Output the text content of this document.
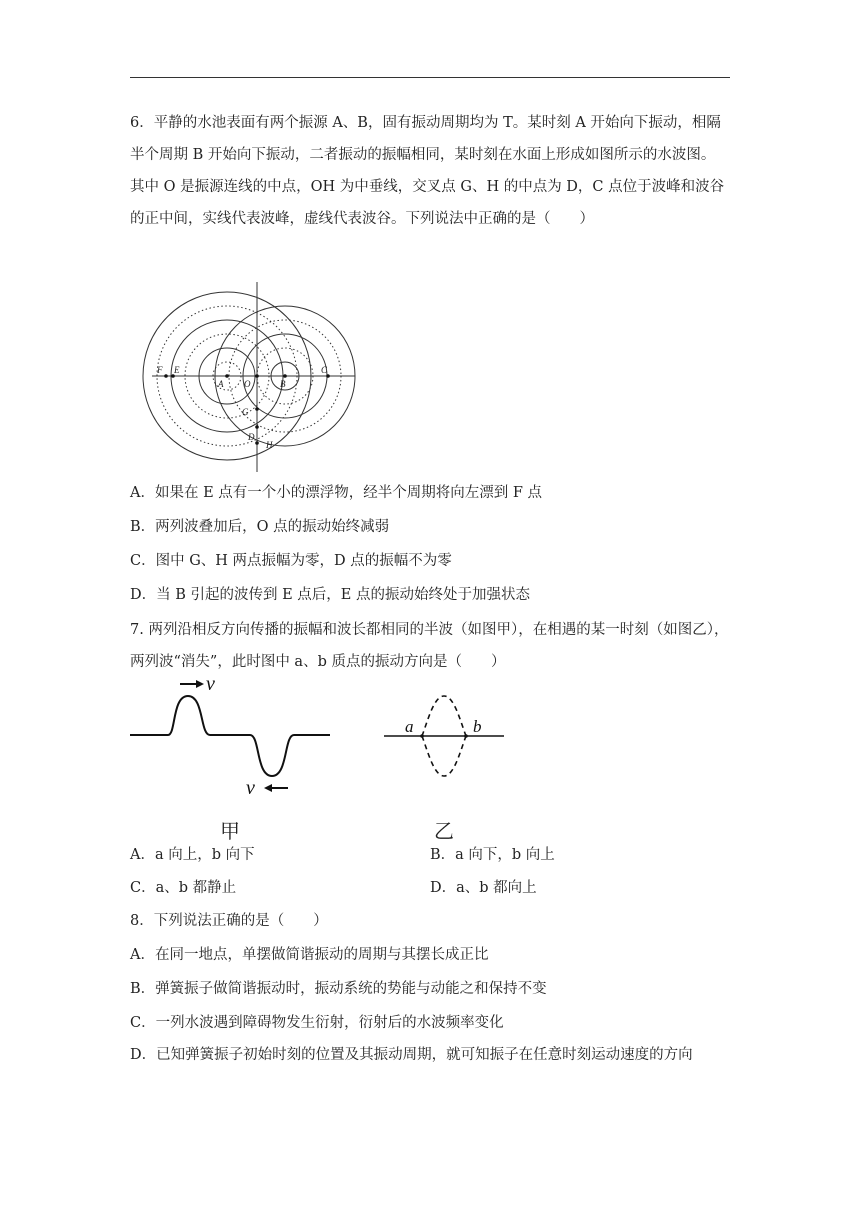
6．平静的水池表面有两个振源 A、B，固有振动周期均为 T。某时刻 A 开始向下振动，相隔
半个周期 B 开始向下振动，二者振动的振幅相同，某时刻在水面上形成如图所示的水波图。
其中 O 是振源连线的中点，OH 为中垂线，交叉点 G、H 的中点为 D，C 点位于波峰和波谷
的正中间，实线代表波峰，虚线代表波谷。下列说法中正确的是（　　）
F E
A O	B
C
G
D
H
A．如果在 E 点有一个小的漂浮物，经半个周期将向左漂到 F 点
B．两列波叠加后，O 点的振动始终减弱
C．图中 G、H 两点振幅为零，D 点的振幅不为零
D．当 B 引起的波传到 E 点后，E 点的振动始终处于加强状态
7. 两列沿相反方向传播的振幅和波长都相同的半波（如图甲），在相遇的某一时刻（如图乙），
两列波“消失”，此时图中 a、b 质点的振动方向是（　　）
v
v
甲
a	b
乙
A．a 向上，b 向下	B．a 向下，b 向上
C．a、b 都静止	D．a、b 都向上
8．下列说法正确的是（　　）
A．在同一地点，单摆做简谐振动的周期与其摆长成正比
B．弹簧振子做简谐振动时，振动系统的势能与动能之和保持不变
C．一列水波遇到障碍物发生衍射，衍射后的水波频率变化
D．已知弹簧振子初始时刻的位置及其振动周期，就可知振子在任意时刻运动速度的方向
